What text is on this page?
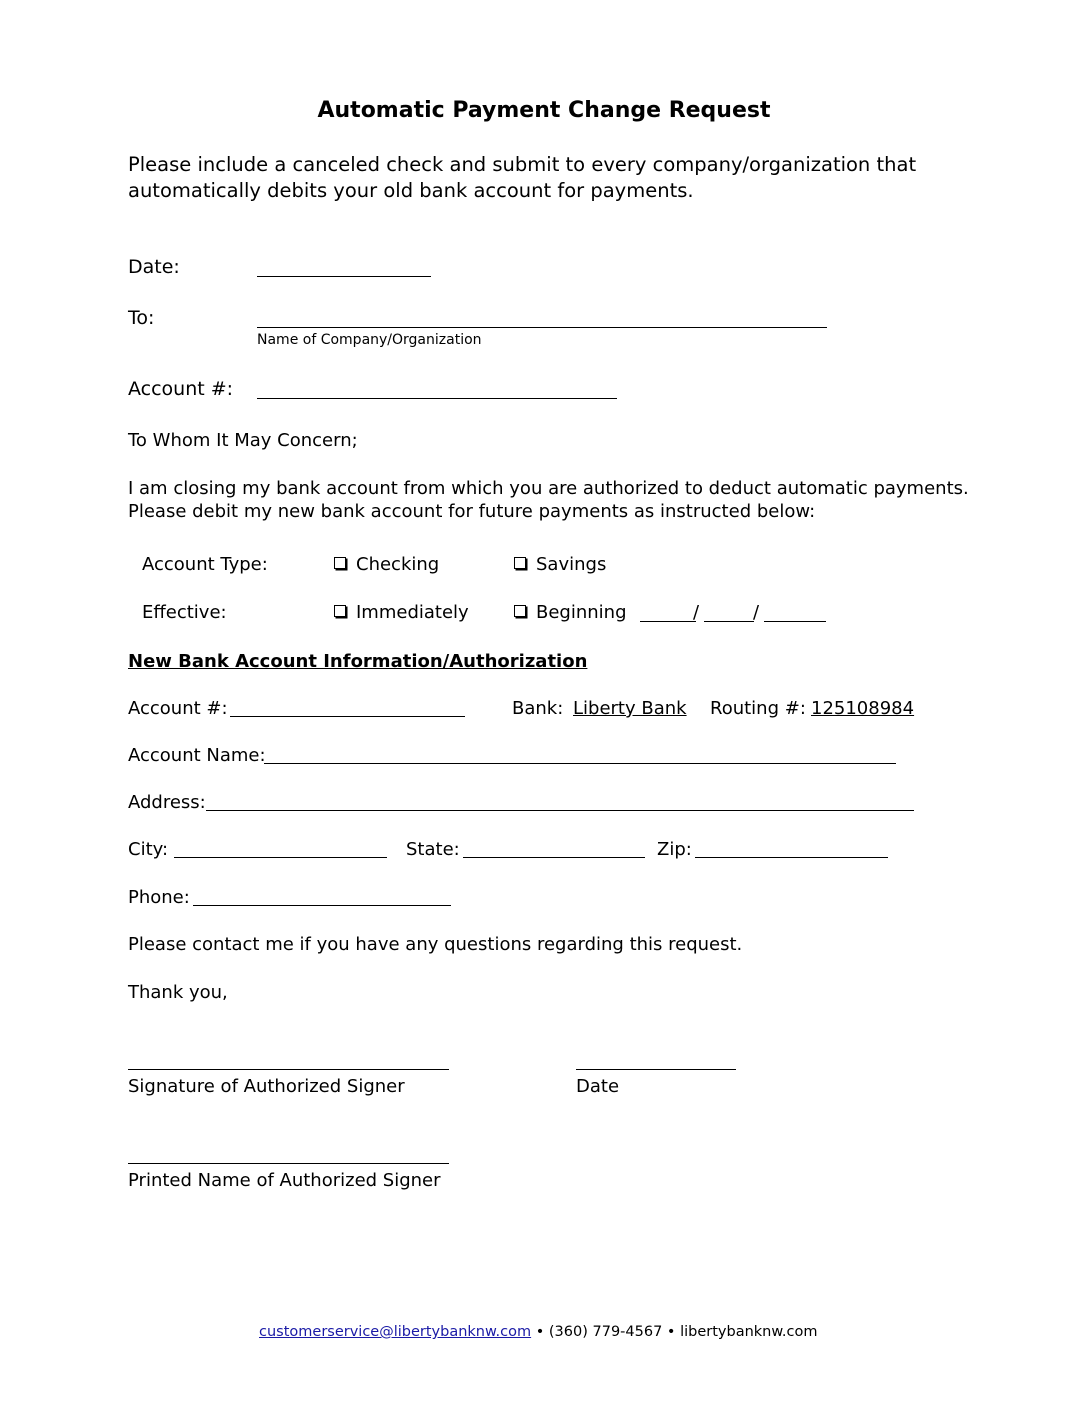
Automatic Payment Change Request
Please include a canceled check and submit to every company/organization that
automatically debits your old bank account for payments.
Date:
To:
Name of Company/Organization
Account #:
To Whom It May Concern;
I am closing my bank account from which you are authorized to deduct automatic payments.
Please debit my new bank account for future payments as instructed below:
Account Type:	Checking	Savings
Effective:	Immediately	Beginning	/	/
New Bank Account Information/Authorization
Account #:	Bank: Liberty Bank Routing #: 125108984
Account Name:
Address:
City:	State:	Zip:
Phone:
Please contact me if you have any questions regarding this request.
Thank you,
Signature of Authorized Signer	Date
Printed Name of Authorized Signer
customerservice@libertybanknw.com • (360) 779-4567 • libertybanknw.com
